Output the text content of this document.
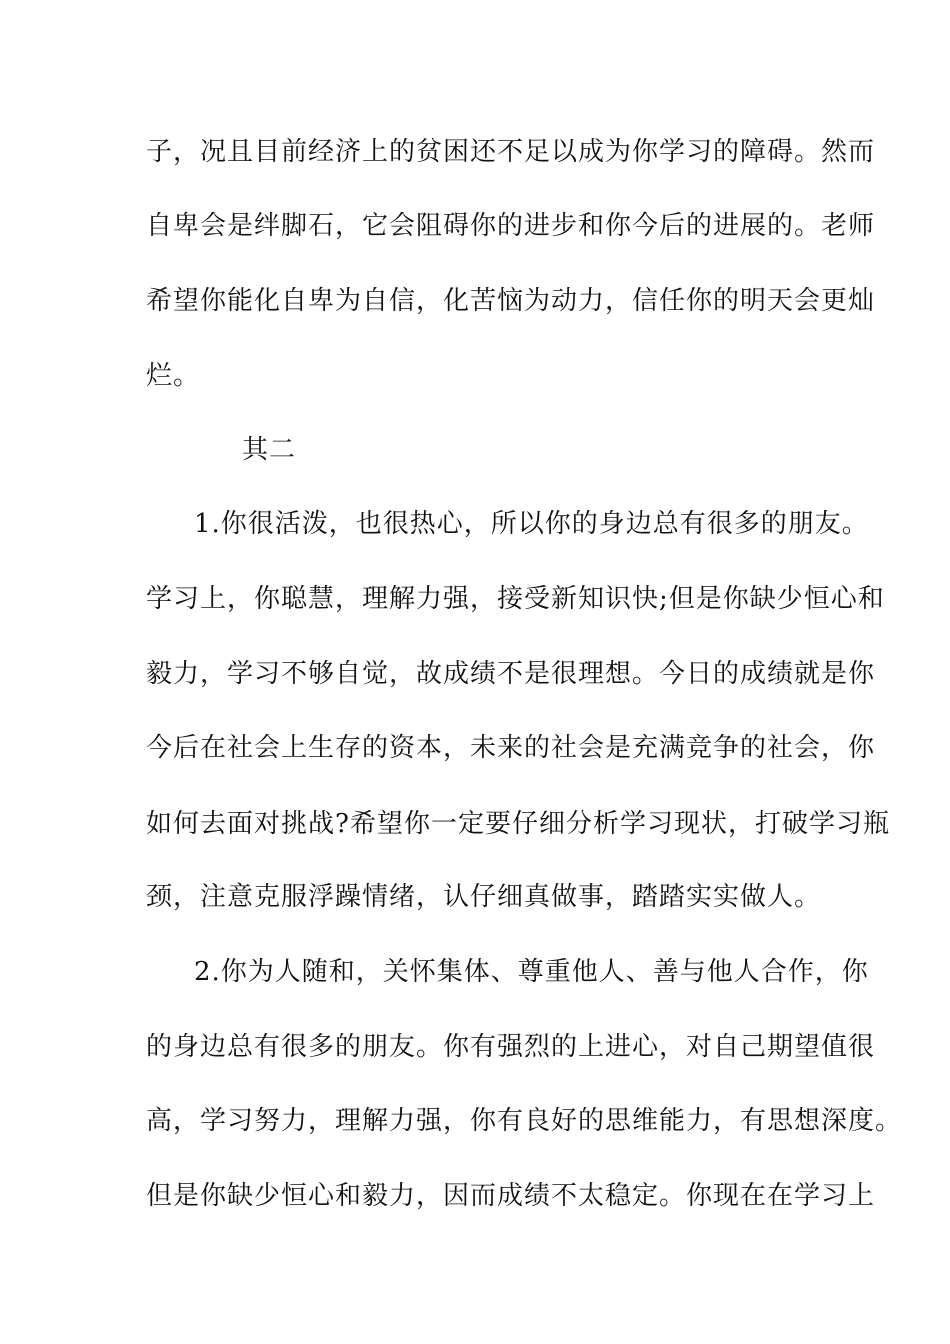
子，况且目前经济上的贫困还不足以成为你学习的障碍。然而
自卑会是绊脚石，它会阻碍你的进步和你今后的进展的。老师
希望你能化自卑为自信，化苦恼为动力，信任你的明天会更灿
烂。
其二
1.你很活泼，也很热心，所以你的身边总有很多的朋友。
学习上，你聪慧，理解力强，接受新知识快;但是你缺少恒心和
毅力，学习不够自觉，故成绩不是很理想。今日的成绩就是你
今后在社会上生存的资本，未来的社会是充满竞争的社会，你
如何去面对挑战?希望你一定要仔细分析学习现状，打破学习瓶
颈，注意克服浮躁情绪，认仔细真做事，踏踏实实做人。
2.你为人随和，关怀集体、尊重他人、善与他人合作，你
的身边总有很多的朋友。你有强烈的上进心，对自己期望值很
高，学习努力，理解力强，你有良好的思维能力，有思想深度。
但是你缺少恒心和毅力，因而成绩不太稳定。你现在在学习上
